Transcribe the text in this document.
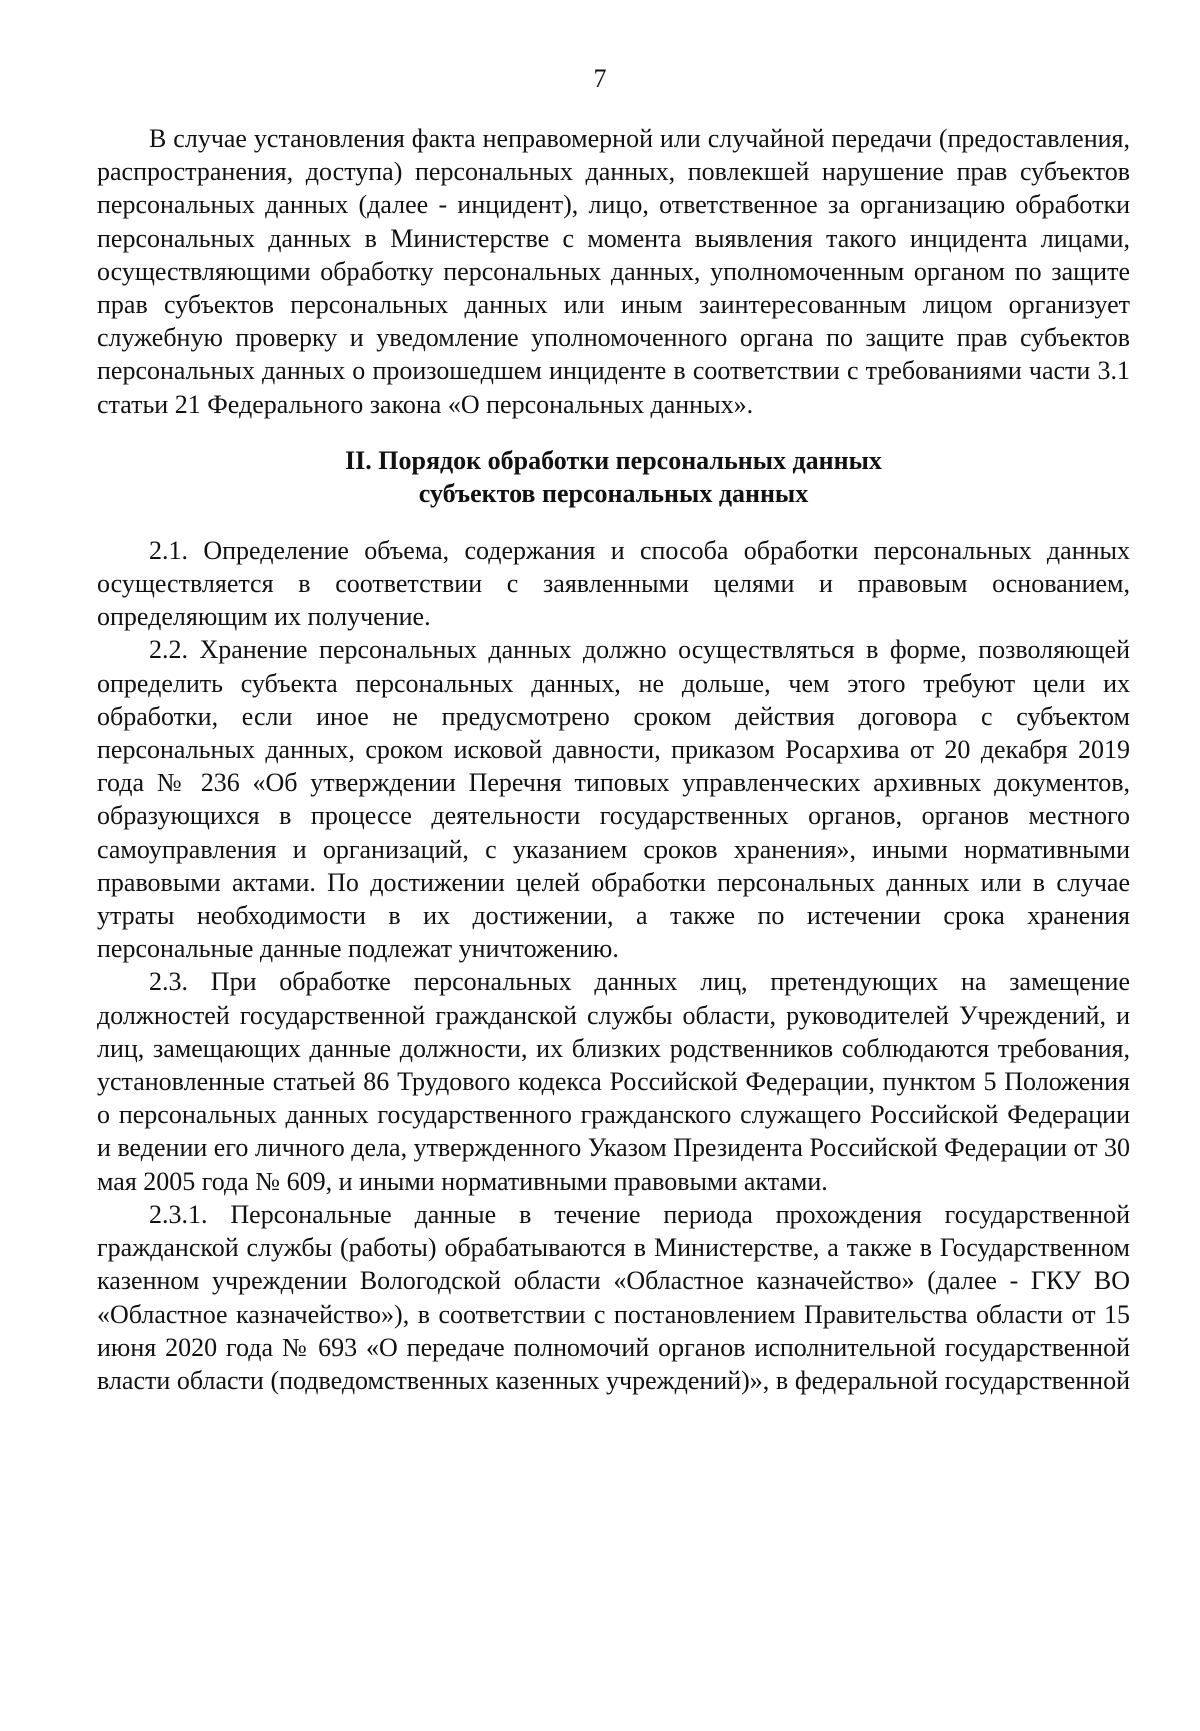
7

В случае установления факта неправомерной или случайной передачи (предоставления, распространения, доступа) персональных данных, повлекшей нарушение прав субъектов персональных данных (далее - инцидент), лицо, ответственное за организацию обработки персональных данных в Министерстве с момента выявления такого инцидента лицами, осуществляющими обработку персональных данных, уполномоченным органом по защите прав субъектов персональных данных или иным заинтересованным лицом организует служебную проверку и уведомление уполномоченного органа по защите прав субъектов персональных данных о произошедшем инциденте в соответствии с требованиями части 3.1 статьи 21 Федерального закона «О персональных данных».

II. Порядок обработки персональных данных
субъектов персональных данных

2.1. Определение объема, содержания и способа обработки персональных данных осуществляется в соответствии с заявленными целями и правовым основанием, определяющим их получение.

2.2. Хранение персональных данных должно осуществляться в форме, позволяющей определить субъекта персональных данных, не дольше, чем этого требуют цели их обработки, если иное не предусмотрено сроком действия договора с субъектом персональных данных, сроком исковой давности, приказом Росархива от 20 декабря 2019 года № 236 «Об утверждении Перечня типовых управленческих архивных документов, образующихся в процессе деятельности государственных органов, органов местного самоуправления и организаций, с указанием сроков хранения», иными нормативными правовыми актами. По достижении целей обработки персональных данных или в случае утраты необходимости в их достижении, а также по истечении срока хранения персональные данные подлежат уничтожению.

2.3. При обработке персональных данных лиц, претендующих на замещение должностей государственной гражданской службы области, руководителей Учреждений, и лиц, замещающих данные должности, их близких родственников соблюдаются требования, установленные статьей 86 Трудового кодекса Российской Федерации, пунктом 5 Положения о персональных данных государственного гражданского служащего Российской Федерации и ведении его личного дела, утвержденного Указом Президента Российской Федерации от 30 мая 2005 года № 609, и иными нормативными правовыми актами.

2.3.1. Персональные данные в течение периода прохождения государственной гражданской службы (работы) обрабатываются в Министерстве, а также в Государственном казенном учреждении Вологодской области «Областное казначейство» (далее - ГКУ ВО «Областное казначейство»), в соответствии с постановлением Правительства области от 15 июня 2020 года № 693 «О передаче полномочий органов исполнительной государственной власти области (подведомственных казенных учреждений)», в федеральной государственной
